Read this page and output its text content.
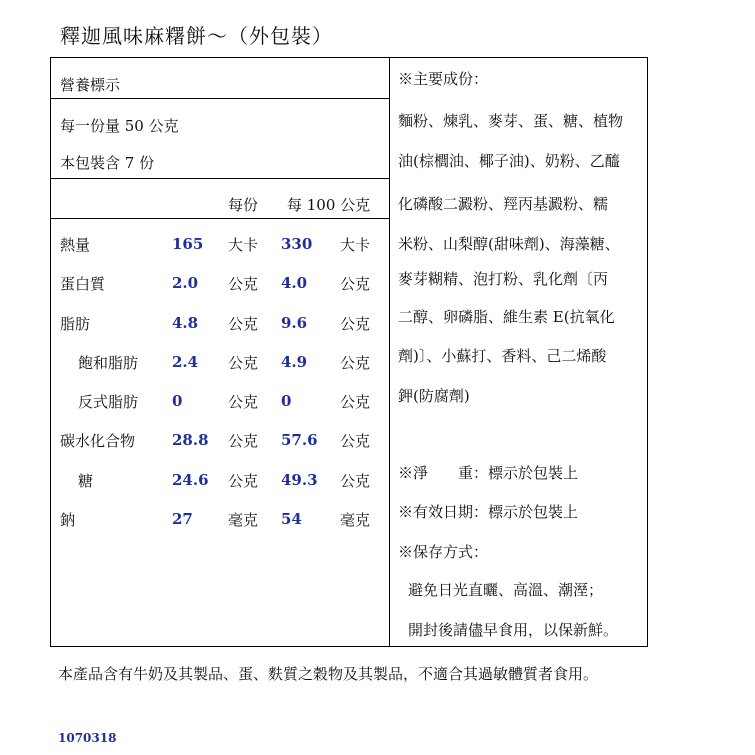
釋迦風味麻糬餅～（外包裝）
營養標示
每一份量 50 公克
本包裝含 7 份
每份 每 100 公克
熱量	165 大卡 330 大卡
蛋白質	2.0 公克 4.0 公克
脂肪	4.8 公克 9.6 公克
飽和脂肪 2.4 公克 4.9 公克
反式脂肪 0	公克 0	公克
碳水化合物 28.8 公克 57.6 公克
糖	24.6 公克 49.3 公克
鈉	27 毫克 54	毫克
※主要成份：
麵粉、煉乳、麥芽、蛋、糖、植物
油(棕櫚油、椰子油)、奶粉、乙醯
化磷酸二澱粉、羥丙基澱粉、糯
米粉、山梨醇(甜味劑)、海藻糖、
麥芽糊精、泡打粉、乳化劑〔丙
二醇、卵磷脂、維生素 E(抗氧化
劑)〕、小蘇打、香料、己二烯酸
鉀(防腐劑)
※淨　　重：標示於包裝上
※有效日期：標示於包裝上
※保存方式：
避免日光直曬、高溫、潮溼；
開封後請儘早食用，以保新鮮。
本產品含有牛奶及其製品、蛋、麩質之穀物及其製品，不適合其過敏體質者食用。
1070318
